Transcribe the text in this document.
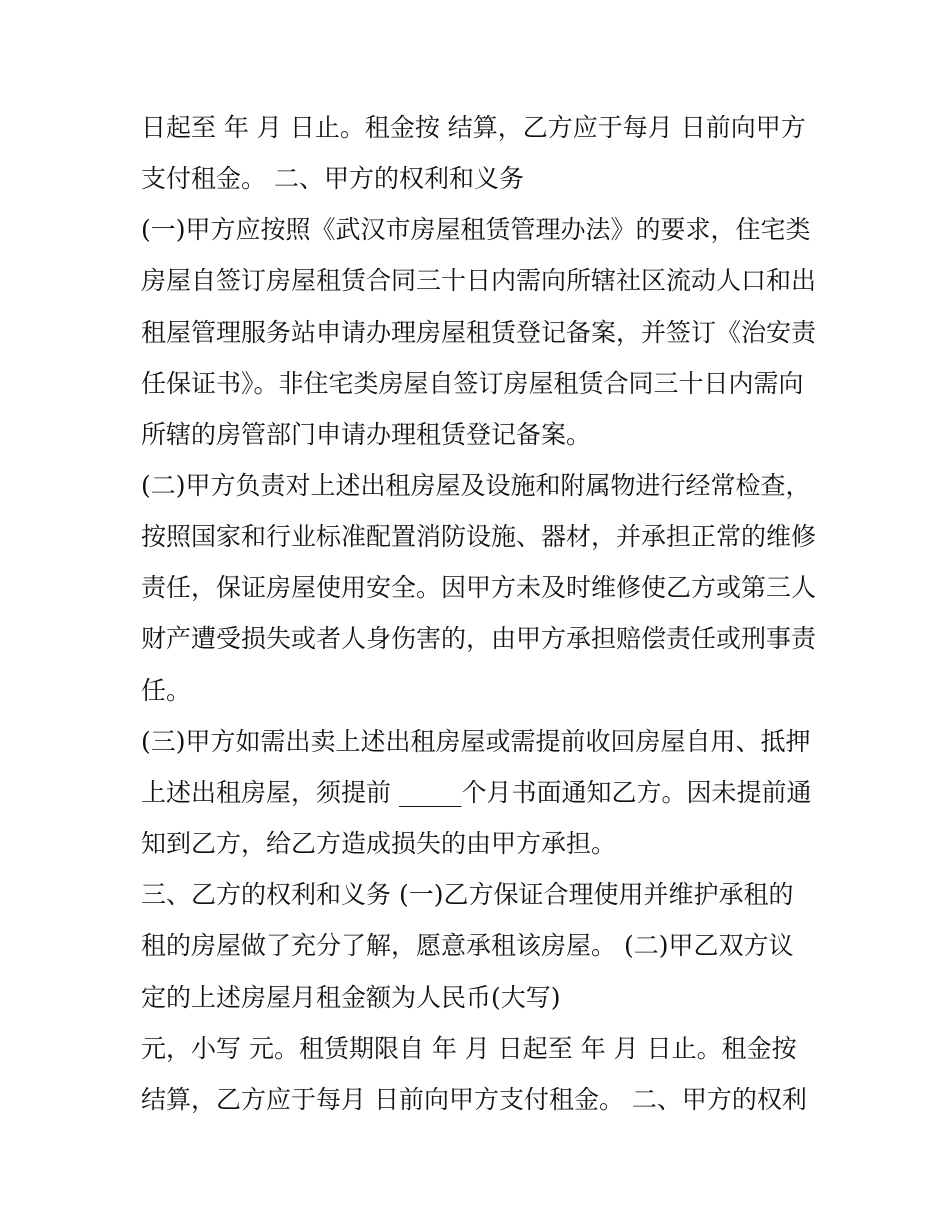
日起至 年 月 日止。租金按 结算，乙方应于每月 日前向甲方
支付租金。 二、甲方的权利和义务
(一)甲方应按照《武汉市房屋租赁管理办法》的要求，住宅类
房屋自签订房屋租赁合同三十日内需向所辖社区流动人口和出
租屋管理服务站申请办理房屋租赁登记备案，并签订《治安责
任保证书》。非住宅类房屋自签订房屋租赁合同三十日内需向
所辖的房管部门申请办理租赁登记备案。
(二)甲方负责对上述出租房屋及设施和附属物进行经常检查，
按照国家和行业标准配置消防设施、器材，并承担正常的维修
责任，保证房屋使用安全。因甲方未及时维修使乙方或第三人
财产遭受损失或者人身伤害的，由甲方承担赔偿责任或刑事责
任。
(三)甲方如需出卖上述出租房屋或需提前收回房屋自用、抵押
上述出租房屋，须提前 _____个月书面通知乙方。因未提前通
知到乙方，给乙方造成损失的由甲方承担。
三、乙方的权利和义务 (一)乙方保证合理使用并维护承租的
租的房屋做了充分了解，愿意承租该房屋。 (二)甲乙双方议
定的上述房屋月租金额为人民币(大写)
元，小写 元。租赁期限自 年 月 日起至 年 月 日止。租金按
结算，乙方应于每月 日前向甲方支付租金。 二、甲方的权利
